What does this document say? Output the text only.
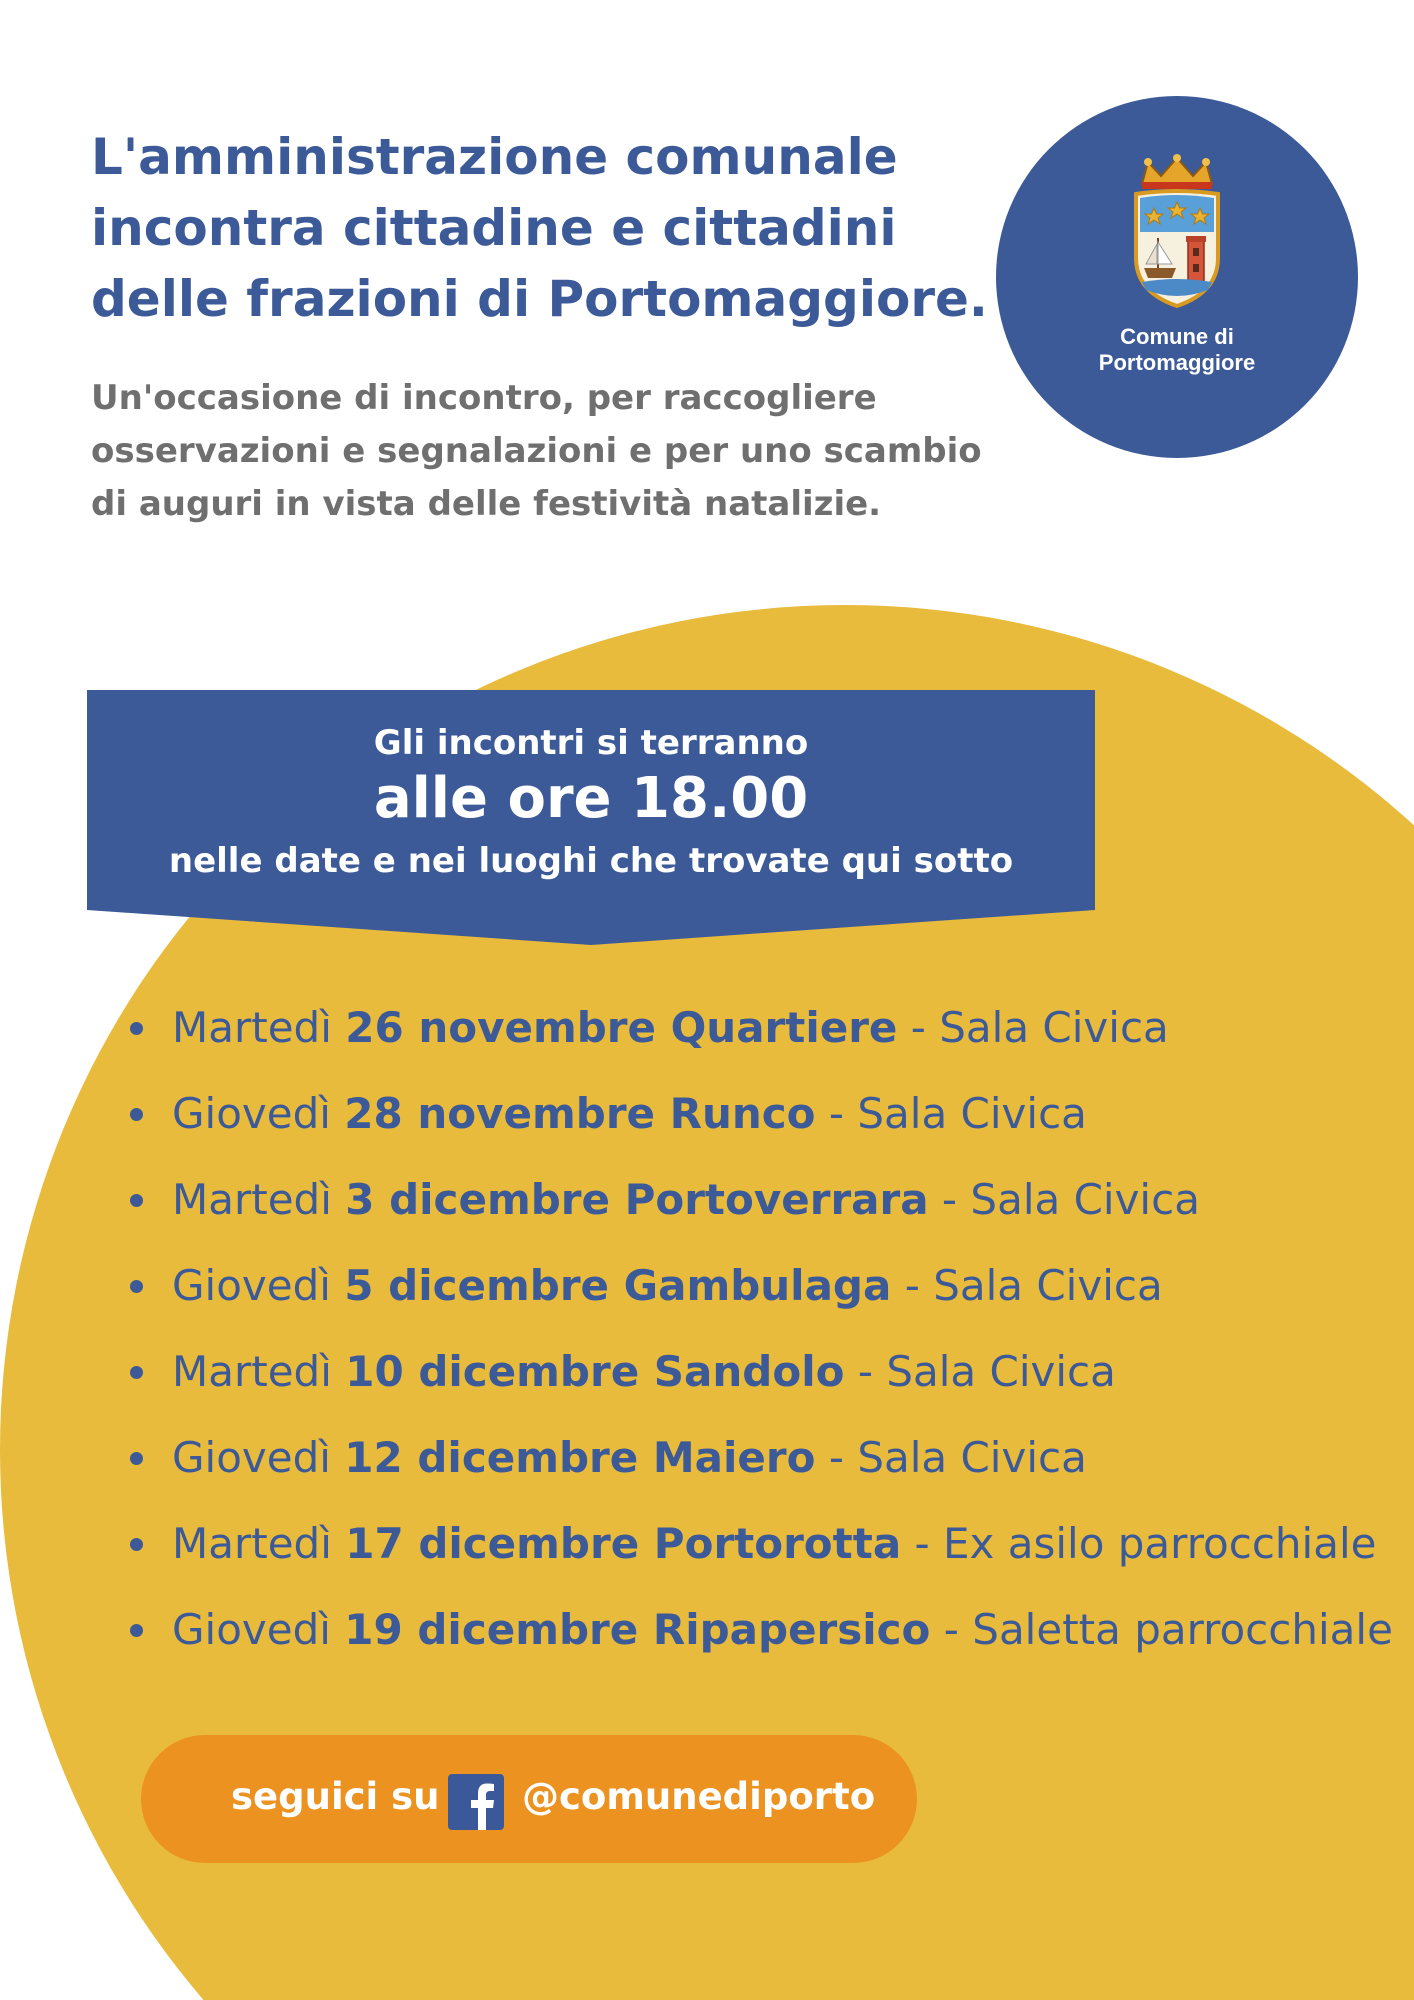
L'amministrazione comunale
incontra cittadine e cittadini
delle frazioni di Portomaggiore.

Un'occasione di incontro, per raccogliere
osservazioni e segnalazioni e per uno scambio
di auguri in vista delle festività natalizie.

Comune di
Portomaggiore
Gli incontri si terranno
alle ore 18.00
nelle date e nei luoghi che trovate qui sotto
Martedì 26 novembre Quartiere - Sala Civica
Giovedì 28 novembre Runco - Sala Civica
Martedì 3 dicembre Portoverrara - Sala Civica
Giovedì 5 dicembre Gambulaga - Sala Civica
Martedì 10 dicembre Sandolo - Sala Civica
Giovedì 12 dicembre Maiero - Sala Civica
Martedì 17 dicembre Portorotta - Ex asilo parrocchiale
Giovedì 19 dicembre Ripapersico - Saletta parrocchiale
seguici su @comunediporto
